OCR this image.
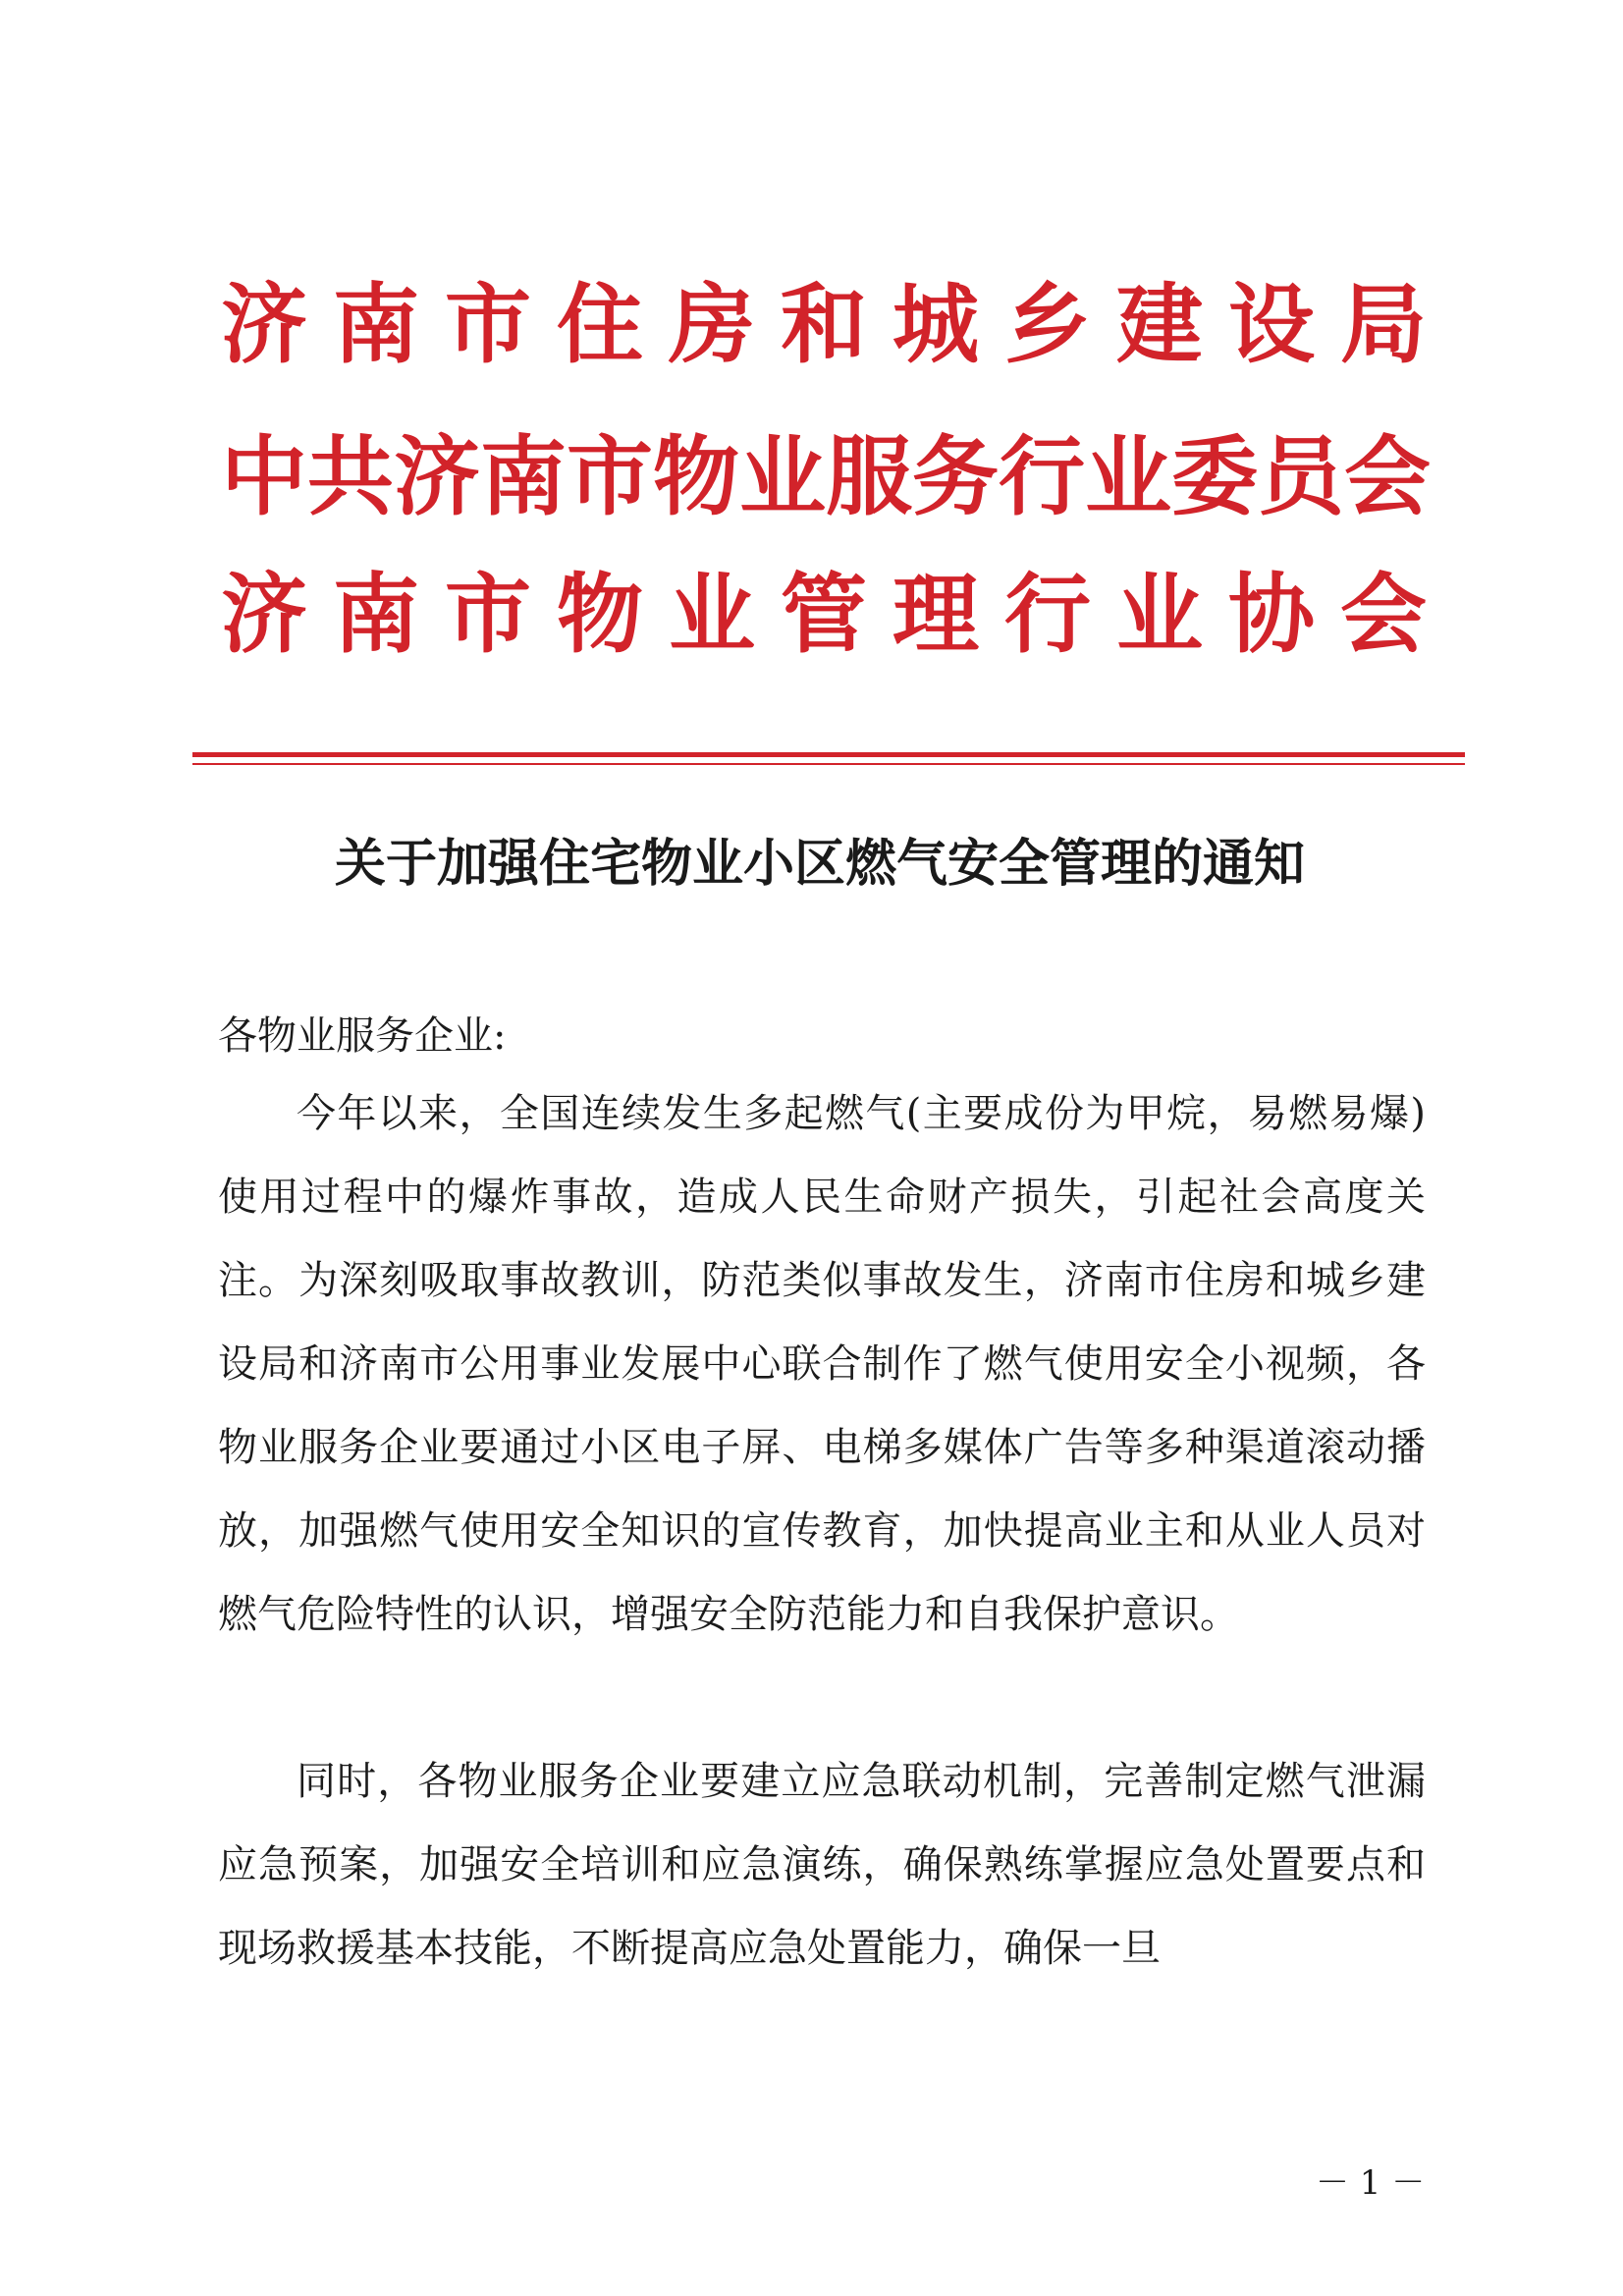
济南市住房和城乡建设局
中共济南市物业服务行业委员会
济南市物业管理行业协会
关于加强住宅物业小区燃气安全管理的通知
各物业服务企业:

今年以来，全国连续发生多起燃气(主要成份为甲烷，易燃易爆)使用过程中的爆炸事故，造成人民生命财产损失，引起社会高度关注。为深刻吸取事故教训，防范类似事故发生，济南市住房和城乡建设局和济南市公用事业发展中心联合制作了燃气使用安全小视频，各物业服务企业要通过小区电子屏、电梯多媒体广告等多种渠道滚动播放，加强燃气使用安全知识的宣传教育，加快提高业主和从业人员对燃气危险特性的认识，增强安全防范能力和自我保护意识。

同时，各物业服务企业要建立应急联动机制，完善制定燃气泄漏应急预案，加强安全培训和应急演练，确保熟练掌握应急处置要点和现场救援基本技能，不断提高应急处置能力，确保一旦

－ 1 －
